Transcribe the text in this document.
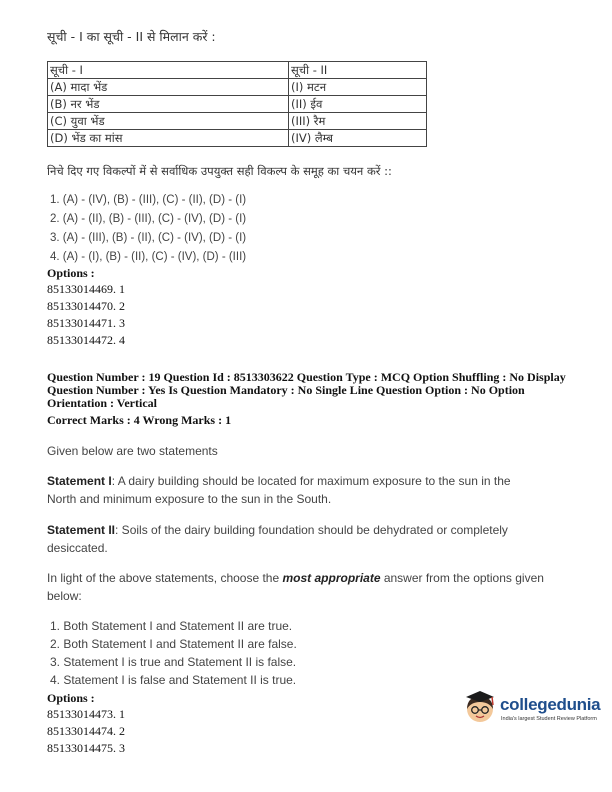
सूची - I का सूची - II से मिलान करें :
सूची - I	सूची - II
(A) मादा भेंड	(I) मटन
(B) नर भेंड	(II) ईव
(C) युवा भेंड	(III) रैम
(D) भेंड का मांस	(IV) लैम्ब
निचे दिए गए विकल्पों में से सर्वाधिक उपयुक्त सही विकल्प के समूह का चयन करें ::
1. (A) - (IV), (B) - (III), (C) - (II), (D) - (I)
2. (A) - (II), (B) - (III), (C) - (IV), (D) - (I)
3. (A) - (III), (B) - (II), (C) - (IV), (D) - (I)
4. (A) - (I), (B) - (II), (C) - (IV), (D) - (III)
Options :
85133014469. 1
85133014470. 2
85133014471. 3
85133014472. 4
Question Number : 19 Question Id : 8513303622 Question Type : MCQ Option Shuffling : No Display
Question Number : Yes Is Question Mandatory : No Single Line Question Option : No Option
Orientation : Vertical
Correct Marks : 4 Wrong Marks : 1
Given below are two statements
Statement I: A dairy building should be located for maximum exposure to the sun in the
North and minimum exposure to the sun in the South.
Statement II: Soils of the dairy building foundation should be dehydrated or completely
desiccated.
In light of the above statements, choose the most appropriate answer from the options given
below:
1. Both Statement I and Statement II are true.
2. Both Statement I and Statement II are false.
3. Statement I is true and Statement II is false.
4. Statement I is false and Statement II is true.
Options :
85133014473. 1
85133014474. 2
85133014475. 3
collegedunia
India's largest Student Review Platform
